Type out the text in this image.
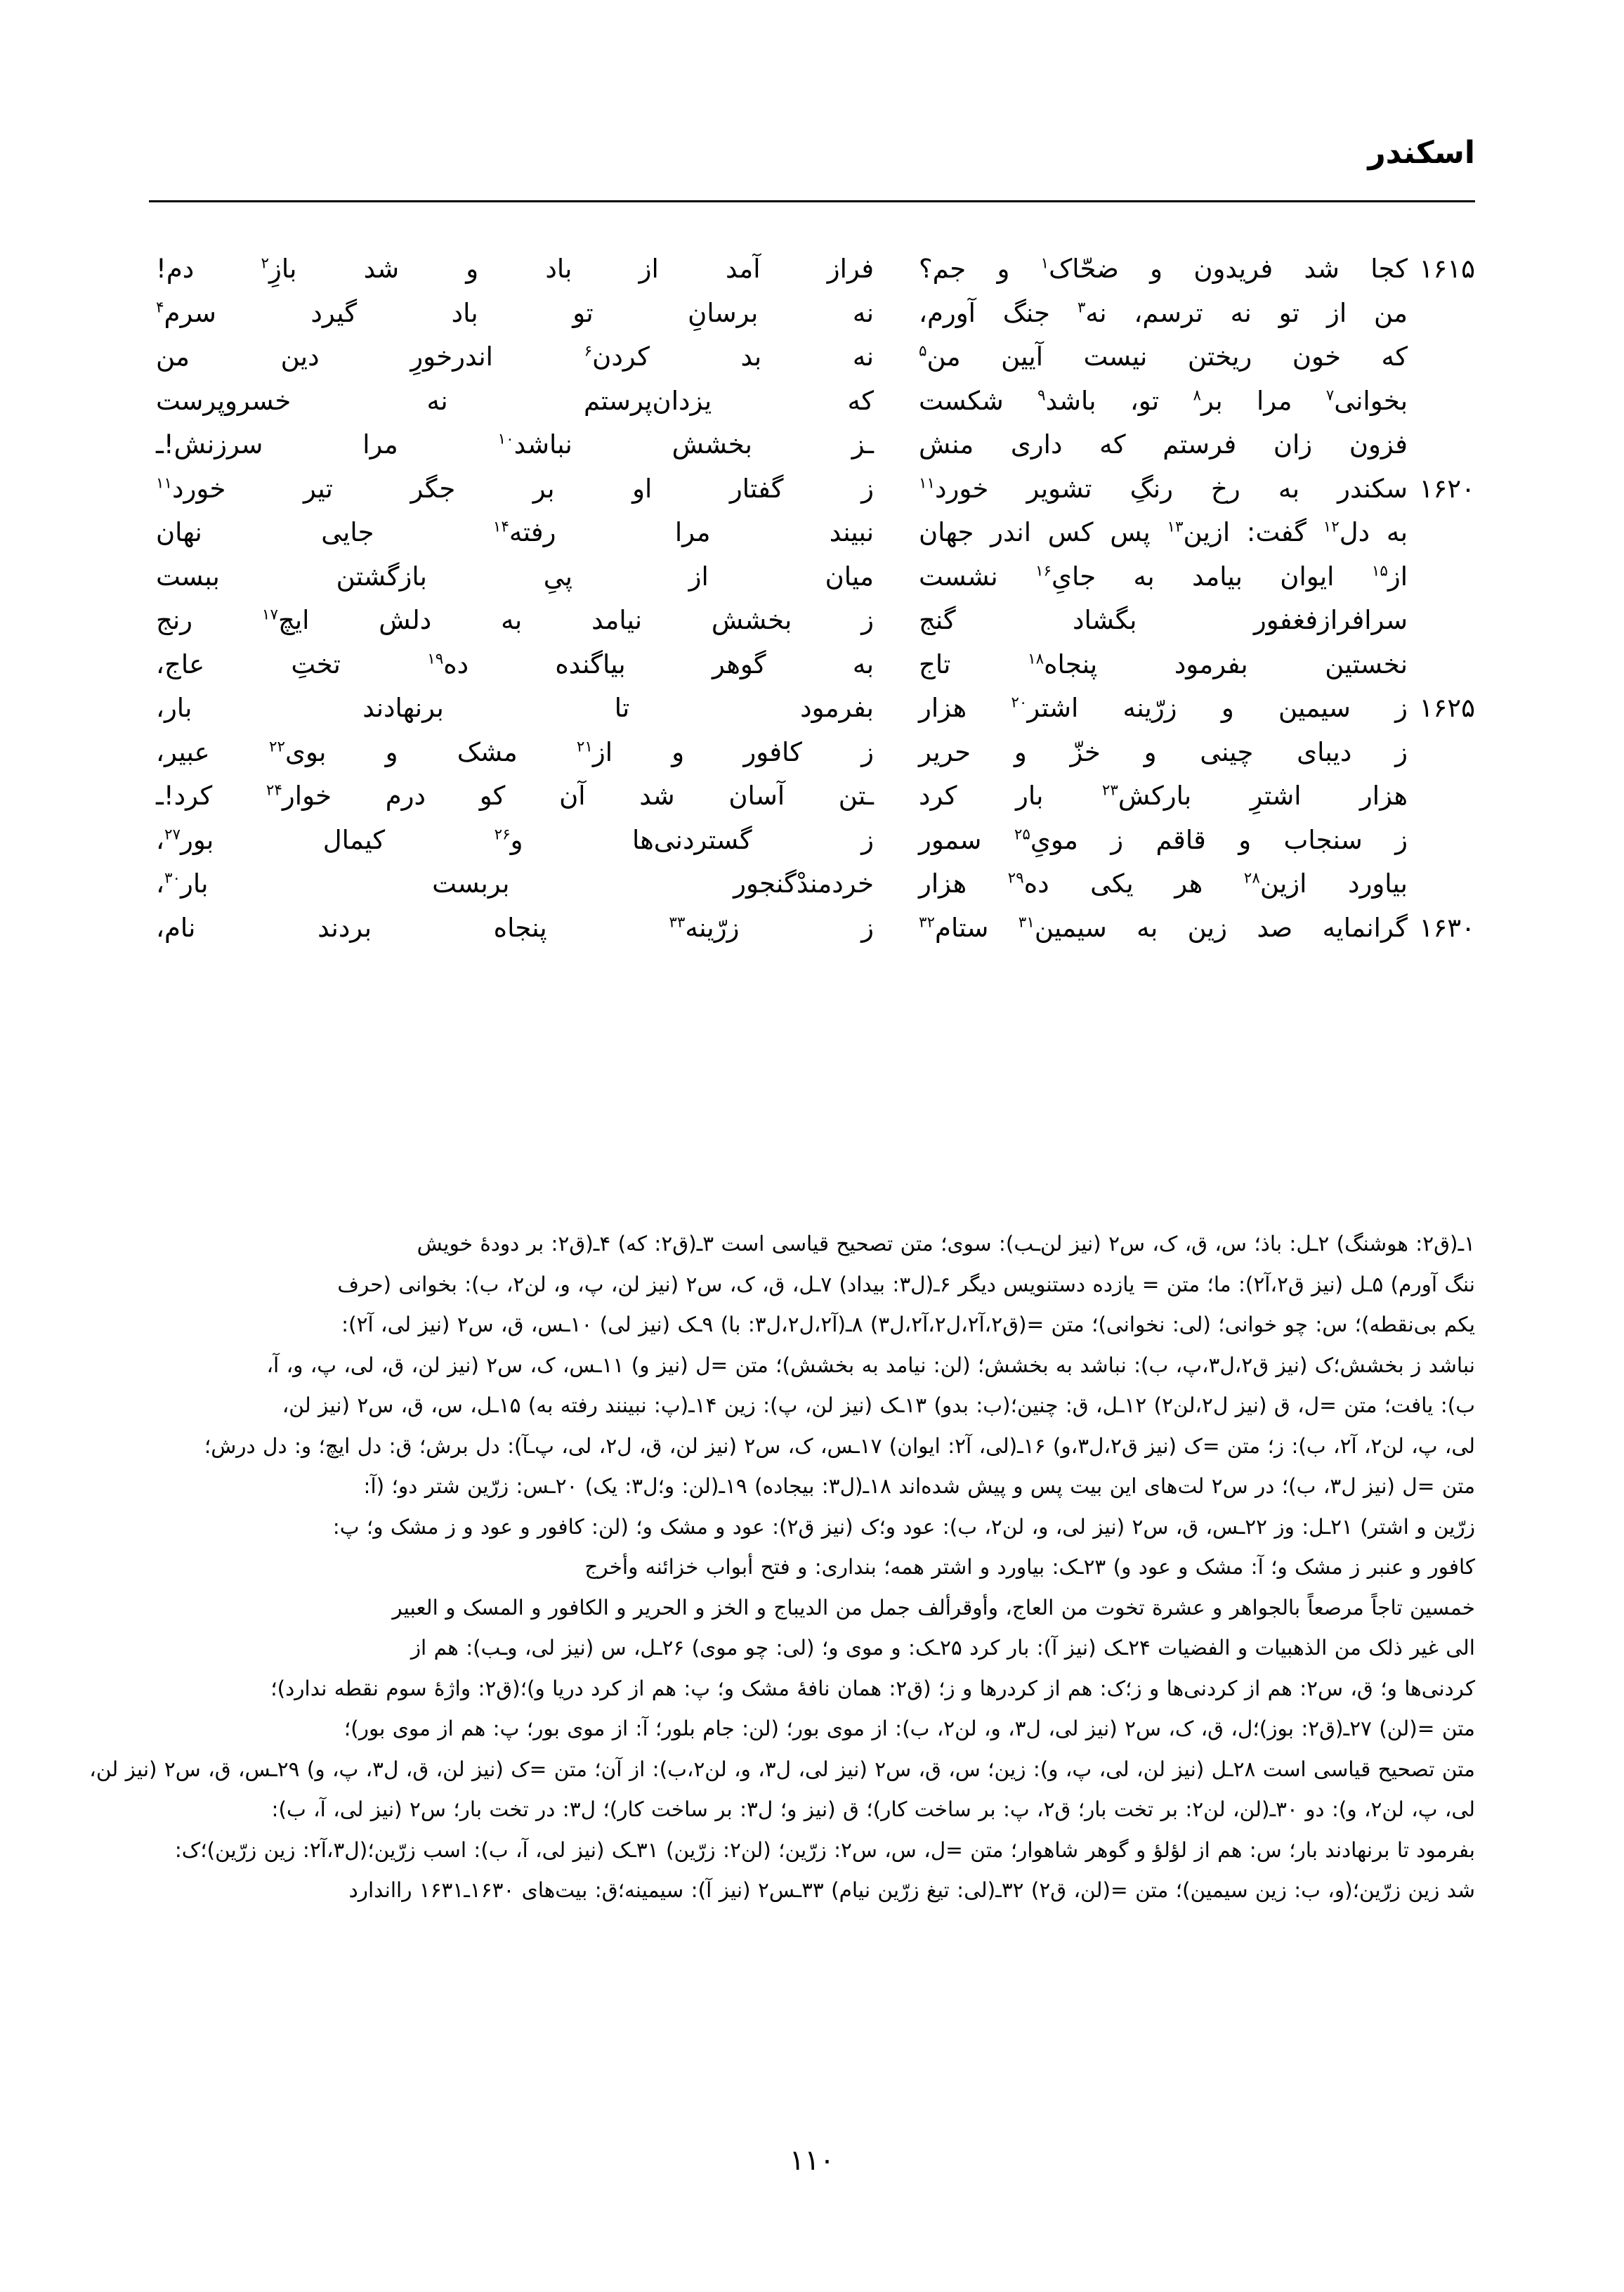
اسکندر
۱۶۱۵
کجا شد فریدون و ضحّاک$^۱$ و جم؟
فراز آمد از باد و شد بازِ$^۲$ دم!
من از تو نه ترسم، نه$^۳$ جنگ آورم،
نه برسانِ تو باد گیرد سرم$^۴$
که خون ریختن نیست آیین من$^۵$
نه بد کردن$^۶$ اندرخورِ دین من
بخوانی$^۷$ مرا بر$^۸$ تو، باشد$^۹$ شکست
که یزدان‌پرستم نه خسروپرست
فزون زان فرستم که داری منش
ـز بخشش نباشد$^{۱۰}$ مرا سرزنش!ـ
۱۶۲۰
سکندر به رخ رنگِ تشویر خورد$^{۱۱}$
ز گفتار او بر جگر تیر خورد$^{۱۱}$
به دل$^{۱۲}$ گفت: ازین$^{۱۳}$ پس کس اندر جهان
نبیند مرا رفته$^{۱۴}$ جایی نهان
از$^{۱۵}$ ایوان بیامد به جایِ$^{۱۶}$ نشست
میان از پیِ بازگشتن ببست
سرافرازفغفور بگشاد گنج
ز بخشش نیامد به دلش ایچ$^{۱۷}$ رنج
نخستین بفرمود پنجاه$^{۱۸}$ تاج
به گوهر بیاگنده ده$^{۱۹}$ تختِ عاج،
۱۶۲۵
ز سیمین و زرّینه اشتر$^{۲۰}$ هزار
بفرمود تا برنهادند بار،
ز دیبای چینی و خزّ و حریر
ز کافور و از$^{۲۱}$ مشک و بوی$^{۲۲}$ عبیر،
هزار اشترِ بارکش$^{۲۳}$ بار کرد
ـتن آسان شد آن کو درم خوار$^{۲۴}$ کرد!ـ
ز سنجاب و قاقم ز مویِ$^{۲۵}$ سمور
ز گستردنی‌ها و$^{۲۶}$ کیمال بور$^{۲۷}$،
بیاورد ازین$^{۲۸}$ هر یکی ده$^{۲۹}$ هزار
خردمندْگنجور بربست بار$^{۳۰}$،
۱۶۳۰
گرانمایه صد زین به سیمین$^{۳۱}$ ستام$^{۳۲}$
ز زرّینه$^{۳۳}$ پنجاه بردند نام،
۱ـ(ق٢: هوشنگ) ۲ـل: باذ؛ س، ق، ک، س٢ (نیز لن‌ـب): سوی؛ متن تصحیح قیاسی است ۳ـ(ق٢: که) ۴ـ(ق٢: بر دودهٔ خویش
ننگ آورم) ۵ـل (نیز ق٢،آ٢): ما؛ متن = یازده دستنویس دیگر ۶ـ(ل٣: بیداد) ۷ـل، ق، ک، س٢ (نیز لن، پ، و، لن٢، ب): بخوانی (حرف
یکم بی‌نقطه)؛ س: چو خوانی؛ (لی: نخوانی)؛ متن =(ق٢،آ٢،ل٢،آ٢،ل٣) ۸ـ(آ٢،ل٢،ل٣: با) ۹ـک (نیز لی) ۱۰ـس، ق، س٢ (نیز لی، آ٢):
نباشد ز بخشش؛ک (نیز ق٢،ل٣،پ، ب): نباشد به بخشش؛ (لن: نیامد به بخشش)؛ متن =ل (نیز و) ۱۱ـس، ک، س٢ (نیز لن، ق، لی، پ، و، آ،
ب): یافت؛ متن =ل، ق (نیز ل٢،لن٢) ۱۲ـل، ق: چنین؛(ب: بدو) ۱۳ـک (نیز لن، پ): زین ۱۴ـ(پ: نبینند رفته به) ۱۵ـل، س، ق، س٢ (نیز لن،
لی، پ، لن٢، آ٢، ب): ز؛ متن =ک (نیز ق٢،ل٣،و) ۱۶ـ(لی، آ٢: ایوان) ۱۷ـس، ک، س٢ (نیز لن، ق، ل٢، لی، پ‌ـآ): دل برش؛ ق: دل ایچ؛ و: دل درش؛
متن =ل (نیز ل٣، ب)؛ در س٢ لت‌های این بیت پس و پیش شده‌اند ۱۸ـ(ل٣: بیجاده) ۱۹ـ(لن: و؛ل٣: یک) ۲۰ـس: زرّین شتر دو؛ (آ:
زرّین و اشتر) ۲۱ـل: وز ۲۲ـس، ق، س٢ (نیز لی، و، لن٢، ب): عود و؛ک (نیز ق٢): عود و مشک و؛ (لن: کافور و عود و ز مشک و؛ پ:
کافور و عنبر ز مشک و؛ آ: مشک و عود و) ۲۳ـک: بیاورد و اشتر همه؛ بنداری: و فتح أبواب خزائنه وأخرج
خمسین تاجاً مرصعاً بالجواهر و عشرة تخوت من العاج، وأوقرألف جمل من الدیباج و الخز و الحریر و الکافور و المسک و العبیر
الی غیر ذلک من الذهبیات و الفضیات ۲۴ـک (نیز آ): بار کرد ۲۵ـک: و موی و؛ (لی: چو موی) ۲۶ـل، س (نیز لی، و‌ـب): هم از
کردنی‌ها و؛ ق، س٢: هم از کردنی‌ها و ز؛ک: هم از کردرها و ز؛ (ق٢: همان نافهٔ مشک و؛ پ: هم از کرد دریا و)؛(ق٢: واژهٔ سوم نقطه ندارد)؛
متن =(لن) ۲۷ـ(ق٢: بوز)؛ل، ق، ک، س٢ (نیز لی، ل٣، و، لن٢، ب): از موی بور؛ (لن: جام بلور؛ آ: از موی بور؛ پ: هم از موی بور)؛
متن تصحیح قیاسی است ۲۸ـل (نیز لن، لی، پ، و): زین؛ س، ق، س٢ (نیز لی، ل٣، و، لن٢،ب): از آن؛ متن =ک (نیز لن، ق، ل٣، پ، و) ۲۹ـس، ق، س٢ (نیز لن،
لی، پ، لن٢، و): دو ۳۰ـ(لن، لن٢: بر تخت بار؛ ق٢، پ: بر ساخت کار)؛ ق (نیز و؛ ل٣: بر ساخت کار)؛ ل٣: در تخت بار؛ س٢ (نیز لی، آ، ب):
بفرمود تا برنهادند بار؛ س: هم از لؤلؤ و گوهر شاهوار؛ متن =ل، س، س٢: زرّین؛ (لن٢: زرّین) ۳۱ـک (نیز لی، آ، ب): اسب زرّین؛(ل٣،آ٢: زین زرّین)؛ک:
شد زین زرّین؛(و، ب: زین سیمین)؛ متن =(لن، ق٢) ۳۲ـ(لی: تیغ زرّین نیام) ۳۳ـس٢ (نیز آ): سیمینه؛ق: بیت‌های ۱۶۳۰ـ۱۶۳۱ رااندارد
۱۱۰
